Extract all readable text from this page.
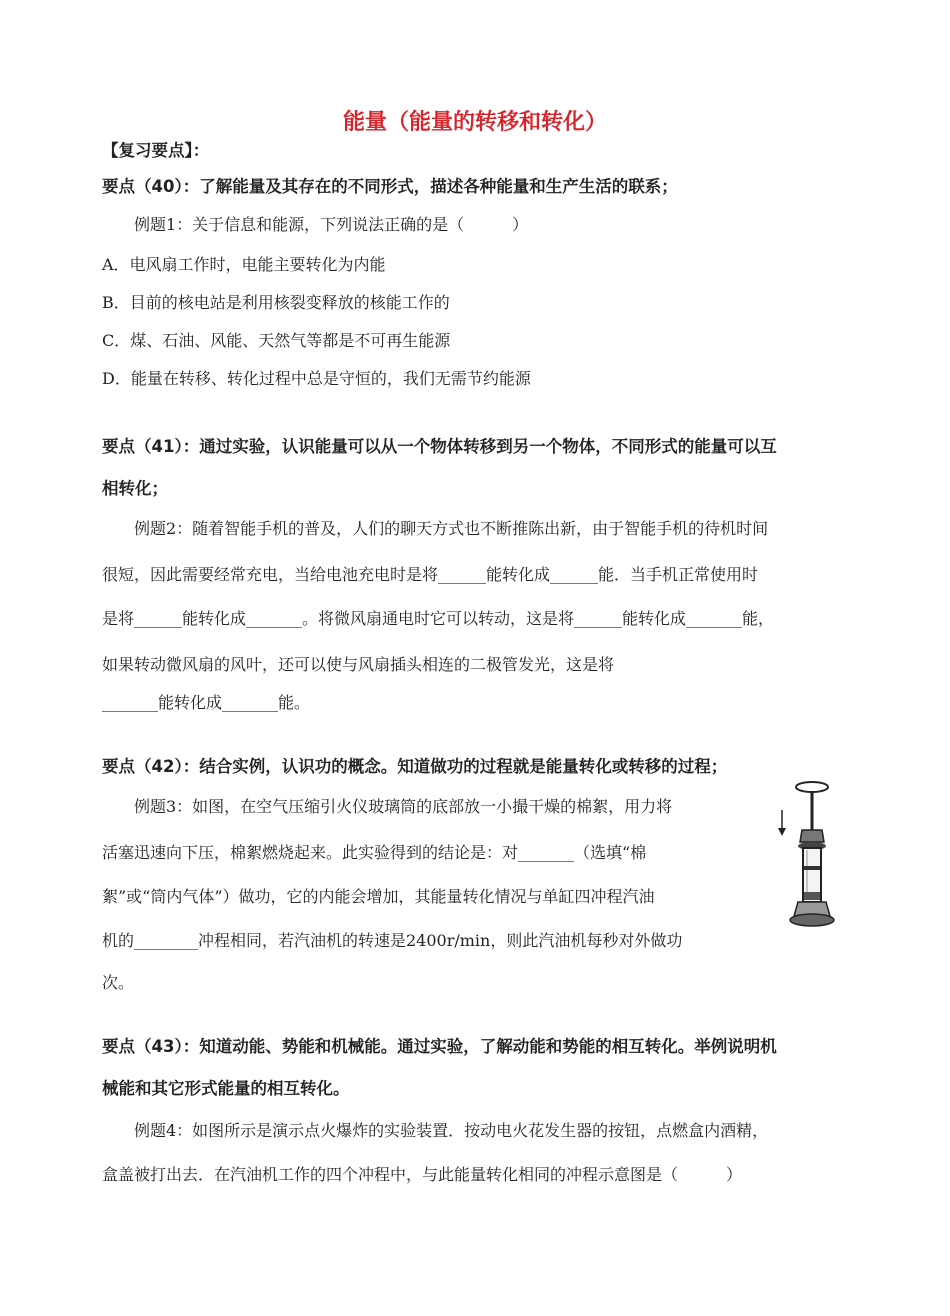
能量（能量的转移和转化）
【复习要点】：
要点（40）：了解能量及其存在的不同形式，描述各种能量和生产生活的联系；
例题1：关于信息和能源，下列说法正确的是（　　　）
A．电风扇工作时，电能主要转化为内能
B．目前的核电站是利用核裂变释放的核能工作的
C．煤、石油、风能、天然气等都是不可再生能源
D．能量在转移、转化过程中总是守恒的，我们无需节约能源
要点（41）：通过实验，认识能量可以从一个物体转移到另一个物体，不同形式的能量可以互
相转化；
例题2：随着智能手机的普及，人们的聊天方式也不断推陈出新，由于智能手机的待机时间
很短，因此需要经常充电，当给电池充电时是将______能转化成______能．当手机正常使用时
是将______能转化成_______。将微风扇通电时它可以转动，这是将______能转化成_______能，
如果转动微风扇的风叶，还可以使与风扇插头相连的二极管发光，这是将
_______能转化成_______能。
要点（42）：结合实例，认识功的概念。知道做功的过程就是能量转化或转移的过程；
例题3：如图，在空气压缩引火仪玻璃筒的底部放一小撮干燥的棉絮，用力将
活塞迅速向下压，棉絮燃烧起来。此实验得到的结论是：对_______（选填“棉
絮”或“筒内气体”）做功，它的内能会增加，其能量转化情况与单缸四冲程汽油
机的________冲程相同，若汽油机的转速是2400r/min，则此汽油机每秒对外做功
次。
要点（43）：知道动能、势能和机械能。通过实验，了解动能和势能的相互转化。举例说明机
械能和其它形式能量的相互转化。
例题4：如图所示是演示点火爆炸的实验装置．按动电火花发生器的按钮，点燃盒内酒精，
盒盖被打出去．在汽油机工作的四个冲程中，与此能量转化相同的冲程示意图是（　　　）
